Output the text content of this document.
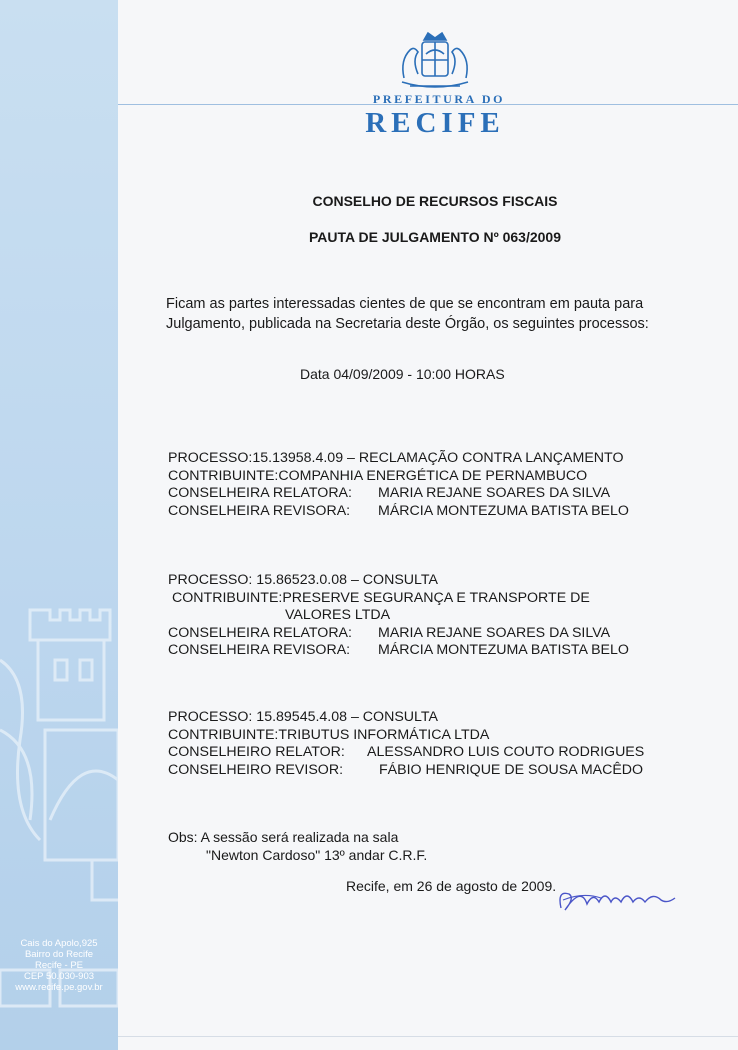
Cais do Apolo,925
Bairro do Recife
Recife - PE
CEP 50.030-903
www.recife.pe.gov.br
PREFEITURA DO
RECIFE
CONSELHO DE RECURSOS FISCAIS
PAUTA DE JULGAMENTO Nº 063/2009
Ficam as partes interessadas cientes de que se encontram em pauta para Julgamento, publicada na Secretaria deste Órgão, os seguintes processos:
Data 04/09/2009 - 10:00 HORAS
PROCESSO:15.13958.4.09 – RECLAMAÇÃO CONTRA LANÇAMENTO
CONTRIBUINTE:COMPANHIA ENERGÉTICA DE PERNAMBUCO
CONSELHEIRA RELATORA: MARIA REJANE SOARES DA SILVA
CONSELHEIRA REVISORA: MÁRCIA MONTEZUMA BATISTA BELO
PROCESSO: 15.86523.0.08 – CONSULTA
CONTRIBUINTE:PRESERVE SEGURANÇA E TRANSPORTE DE
VALORES LTDA
CONSELHEIRA RELATORA: MARIA REJANE SOARES DA SILVA
CONSELHEIRA REVISORA: MÁRCIA MONTEZUMA BATISTA BELO
PROCESSO: 15.89545.4.08 – CONSULTA
CONTRIBUINTE:TRIBUTUS INFORMÁTICA LTDA
CONSELHEIRO RELATOR: ALESSANDRO LUIS COUTO RODRIGUES
CONSELHEIRO REVISOR:	FÁBIO HENRIQUE DE SOUSA MACÊDO
Obs: A sessão será realizada na sala
"Newton Cardoso" 13º andar C.R.F.
Recife, em 26 de agosto de 2009.
